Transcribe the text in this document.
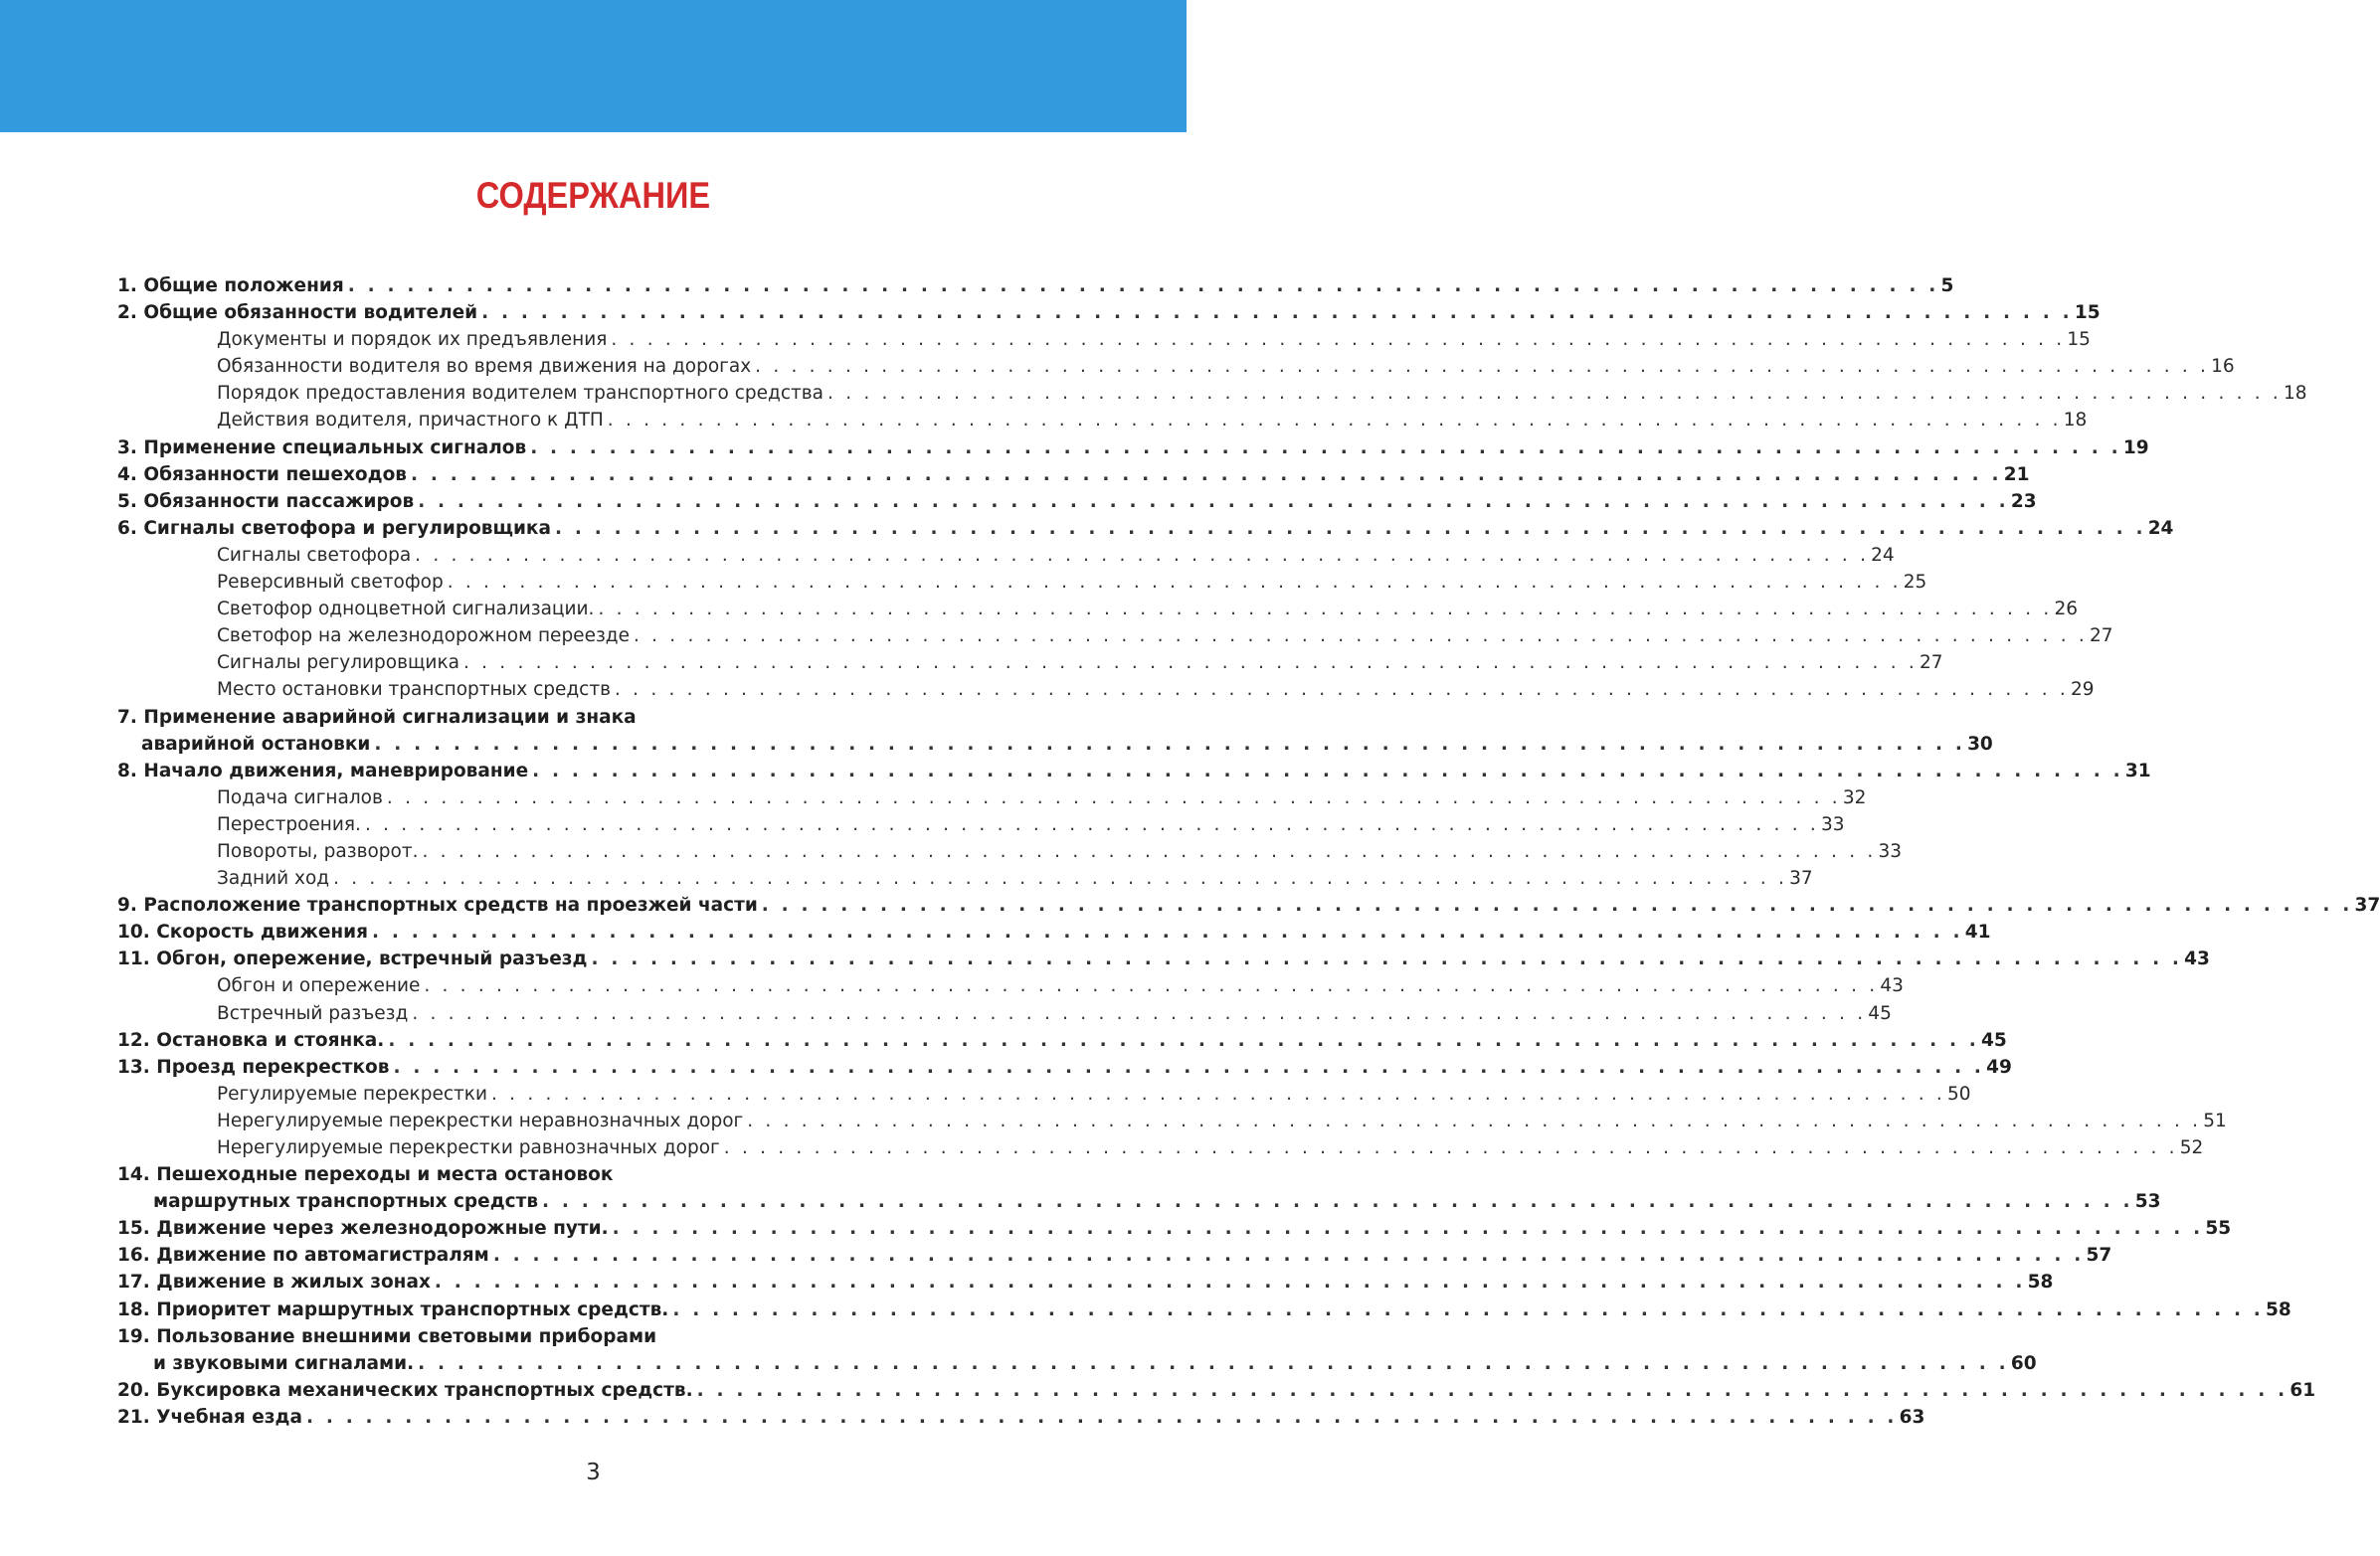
СОДЕРЖАНИЕ
1. Общие положения . . . . . . . . . . . . . . . . . . . . . . . . . . . . . . . . . . . . . . . . . . . . . . . . . . . . . . . . . . . . . . . . . . . . . . . . . . . . . . . . . 5
2. Общие обязанности водителей . . . . . . . . . . . . . . . . . . . . . . . . . . . . . . . . . . . . . . . . . . . . . . . . . . . . . . . . . . . . . . . . . . . . . . . . . . . . . . . . . 15
Документы и порядок их предъявления . . . . . . . . . . . . . . . . . . . . . . . . . . . . . . . . . . . . . . . . . . . . . . . . . . . . . . . . . . . . . . . . . . . . . . . . . . . . . . . . . 15
Обязанности водителя во время движения на дорогах . . . . . . . . . . . . . . . . . . . . . . . . . . . . . . . . . . . . . . . . . . . . . . . . . . . . . . . . . . . . . . . . . . . . . . . . . . . . . . . . . 16
Порядок предоставления водителем транспортного средства . . . . . . . . . . . . . . . . . . . . . . . . . . . . . . . . . . . . . . . . . . . . . . . . . . . . . . . . . . . . . . . . . . . . . . . . . . . . . . . . . 18
Действия водителя, причастного к ДТП . . . . . . . . . . . . . . . . . . . . . . . . . . . . . . . . . . . . . . . . . . . . . . . . . . . . . . . . . . . . . . . . . . . . . . . . . . . . . . . . . 18
3. Применение специальных сигналов . . . . . . . . . . . . . . . . . . . . . . . . . . . . . . . . . . . . . . . . . . . . . . . . . . . . . . . . . . . . . . . . . . . . . . . . . . . . . . . . . 19
4. Обязанности пешеходов . . . . . . . . . . . . . . . . . . . . . . . . . . . . . . . . . . . . . . . . . . . . . . . . . . . . . . . . . . . . . . . . . . . . . . . . . . . . . . . . . 21
5. Обязанности пассажиров . . . . . . . . . . . . . . . . . . . . . . . . . . . . . . . . . . . . . . . . . . . . . . . . . . . . . . . . . . . . . . . . . . . . . . . . . . . . . . . . . 23
6. Сигналы светофора и регулировщика . . . . . . . . . . . . . . . . . . . . . . . . . . . . . . . . . . . . . . . . . . . . . . . . . . . . . . . . . . . . . . . . . . . . . . . . . . . . . . . . . 24
Сигналы светофора . . . . . . . . . . . . . . . . . . . . . . . . . . . . . . . . . . . . . . . . . . . . . . . . . . . . . . . . . . . . . . . . . . . . . . . . . . . . . . . . . 24
Реверсивный светофор . . . . . . . . . . . . . . . . . . . . . . . . . . . . . . . . . . . . . . . . . . . . . . . . . . . . . . . . . . . . . . . . . . . . . . . . . . . . . . . . . 25
Светофор одноцветной сигнализации. . . . . . . . . . . . . . . . . . . . . . . . . . . . . . . . . . . . . . . . . . . . . . . . . . . . . . . . . . . . . . . . . . . . . . . . . . . . . . . . . . 26
Светофор на железнодорожном переезде . . . . . . . . . . . . . . . . . . . . . . . . . . . . . . . . . . . . . . . . . . . . . . . . . . . . . . . . . . . . . . . . . . . . . . . . . . . . . . . . . 27
Сигналы регулировщика . . . . . . . . . . . . . . . . . . . . . . . . . . . . . . . . . . . . . . . . . . . . . . . . . . . . . . . . . . . . . . . . . . . . . . . . . . . . . . . . . 27
Место остановки транспортных средств . . . . . . . . . . . . . . . . . . . . . . . . . . . . . . . . . . . . . . . . . . . . . . . . . . . . . . . . . . . . . . . . . . . . . . . . . . . . . . . . . 29
7. Применение аварийной сигнализации и знака
аварийной остановки . . . . . . . . . . . . . . . . . . . . . . . . . . . . . . . . . . . . . . . . . . . . . . . . . . . . . . . . . . . . . . . . . . . . . . . . . . . . . . . . . 30
8. Начало движения, маневрирование . . . . . . . . . . . . . . . . . . . . . . . . . . . . . . . . . . . . . . . . . . . . . . . . . . . . . . . . . . . . . . . . . . . . . . . . . . . . . . . . . 31
Подача сигналов . . . . . . . . . . . . . . . . . . . . . . . . . . . . . . . . . . . . . . . . . . . . . . . . . . . . . . . . . . . . . . . . . . . . . . . . . . . . . . . . . 32
Перестроения. . . . . . . . . . . . . . . . . . . . . . . . . . . . . . . . . . . . . . . . . . . . . . . . . . . . . . . . . . . . . . . . . . . . . . . . . . . . . . . . . . 33
Повороты, разворот. . . . . . . . . . . . . . . . . . . . . . . . . . . . . . . . . . . . . . . . . . . . . . . . . . . . . . . . . . . . . . . . . . . . . . . . . . . . . . . . . . 33
Задний ход . . . . . . . . . . . . . . . . . . . . . . . . . . . . . . . . . . . . . . . . . . . . . . . . . . . . . . . . . . . . . . . . . . . . . . . . . . . . . . . . . 37
9. Расположение транспортных средств на проезжей части . . . . . . . . . . . . . . . . . . . . . . . . . . . . . . . . . . . . . . . . . . . . . . . . . . . . . . . . . . . . . . . . . . . . . . . . . . . . . . . . . 37
10. Скорость движения . . . . . . . . . . . . . . . . . . . . . . . . . . . . . . . . . . . . . . . . . . . . . . . . . . . . . . . . . . . . . . . . . . . . . . . . . . . . . . . . . 41
11. Обгон, опережение, встречный разъезд . . . . . . . . . . . . . . . . . . . . . . . . . . . . . . . . . . . . . . . . . . . . . . . . . . . . . . . . . . . . . . . . . . . . . . . . . . . . . . . . . 43
Обгон и опережение . . . . . . . . . . . . . . . . . . . . . . . . . . . . . . . . . . . . . . . . . . . . . . . . . . . . . . . . . . . . . . . . . . . . . . . . . . . . . . . . . 43
Встречный разъезд . . . . . . . . . . . . . . . . . . . . . . . . . . . . . . . . . . . . . . . . . . . . . . . . . . . . . . . . . . . . . . . . . . . . . . . . . . . . . . . . . 45
12. Остановка и стоянка. . . . . . . . . . . . . . . . . . . . . . . . . . . . . . . . . . . . . . . . . . . . . . . . . . . . . . . . . . . . . . . . . . . . . . . . . . . . . . . . . . 45
13. Проезд перекрестков . . . . . . . . . . . . . . . . . . . . . . . . . . . . . . . . . . . . . . . . . . . . . . . . . . . . . . . . . . . . . . . . . . . . . . . . . . . . . . . . . 49
Регулируемые перекрестки . . . . . . . . . . . . . . . . . . . . . . . . . . . . . . . . . . . . . . . . . . . . . . . . . . . . . . . . . . . . . . . . . . . . . . . . . . . . . . . . . 50
Нерегулируемые перекрестки неравнозначных дорог . . . . . . . . . . . . . . . . . . . . . . . . . . . . . . . . . . . . . . . . . . . . . . . . . . . . . . . . . . . . . . . . . . . . . . . . . . . . . . . . . 51
Нерегулируемые перекрестки равнозначных дорог . . . . . . . . . . . . . . . . . . . . . . . . . . . . . . . . . . . . . . . . . . . . . . . . . . . . . . . . . . . . . . . . . . . . . . . . . . . . . . . . . 52
14. Пешеходные переходы и места остановок
маршрутных транспортных средств . . . . . . . . . . . . . . . . . . . . . . . . . . . . . . . . . . . . . . . . . . . . . . . . . . . . . . . . . . . . . . . . . . . . . . . . . . . . . . . . . 53
15. Движение через железнодорожные пути. . . . . . . . . . . . . . . . . . . . . . . . . . . . . . . . . . . . . . . . . . . . . . . . . . . . . . . . . . . . . . . . . . . . . . . . . . . . . . . . . . 55
16. Движение по автомагистралям . . . . . . . . . . . . . . . . . . . . . . . . . . . . . . . . . . . . . . . . . . . . . . . . . . . . . . . . . . . . . . . . . . . . . . . . . . . . . . . . . 57
17. Движение в жилых зонах . . . . . . . . . . . . . . . . . . . . . . . . . . . . . . . . . . . . . . . . . . . . . . . . . . . . . . . . . . . . . . . . . . . . . . . . . . . . . . . . . 58
18. Приоритет маршрутных транспортных средств. . . . . . . . . . . . . . . . . . . . . . . . . . . . . . . . . . . . . . . . . . . . . . . . . . . . . . . . . . . . . . . . . . . . . . . . . . . . . . . . . . 58
19. Пользование внешними световыми приборами
и звуковыми сигналами. . . . . . . . . . . . . . . . . . . . . . . . . . . . . . . . . . . . . . . . . . . . . . . . . . . . . . . . . . . . . . . . . . . . . . . . . . . . . . . . . . 60
20. Буксировка механических транспортных средств. . . . . . . . . . . . . . . . . . . . . . . . . . . . . . . . . . . . . . . . . . . . . . . . . . . . . . . . . . . . . . . . . . . . . . . . . . . . . . . . . . 61
21. Учебная езда . . . . . . . . . . . . . . . . . . . . . . . . . . . . . . . . . . . . . . . . . . . . . . . . . . . . . . . . . . . . . . . . . . . . . . . . . . . . . . . . . 63
3
